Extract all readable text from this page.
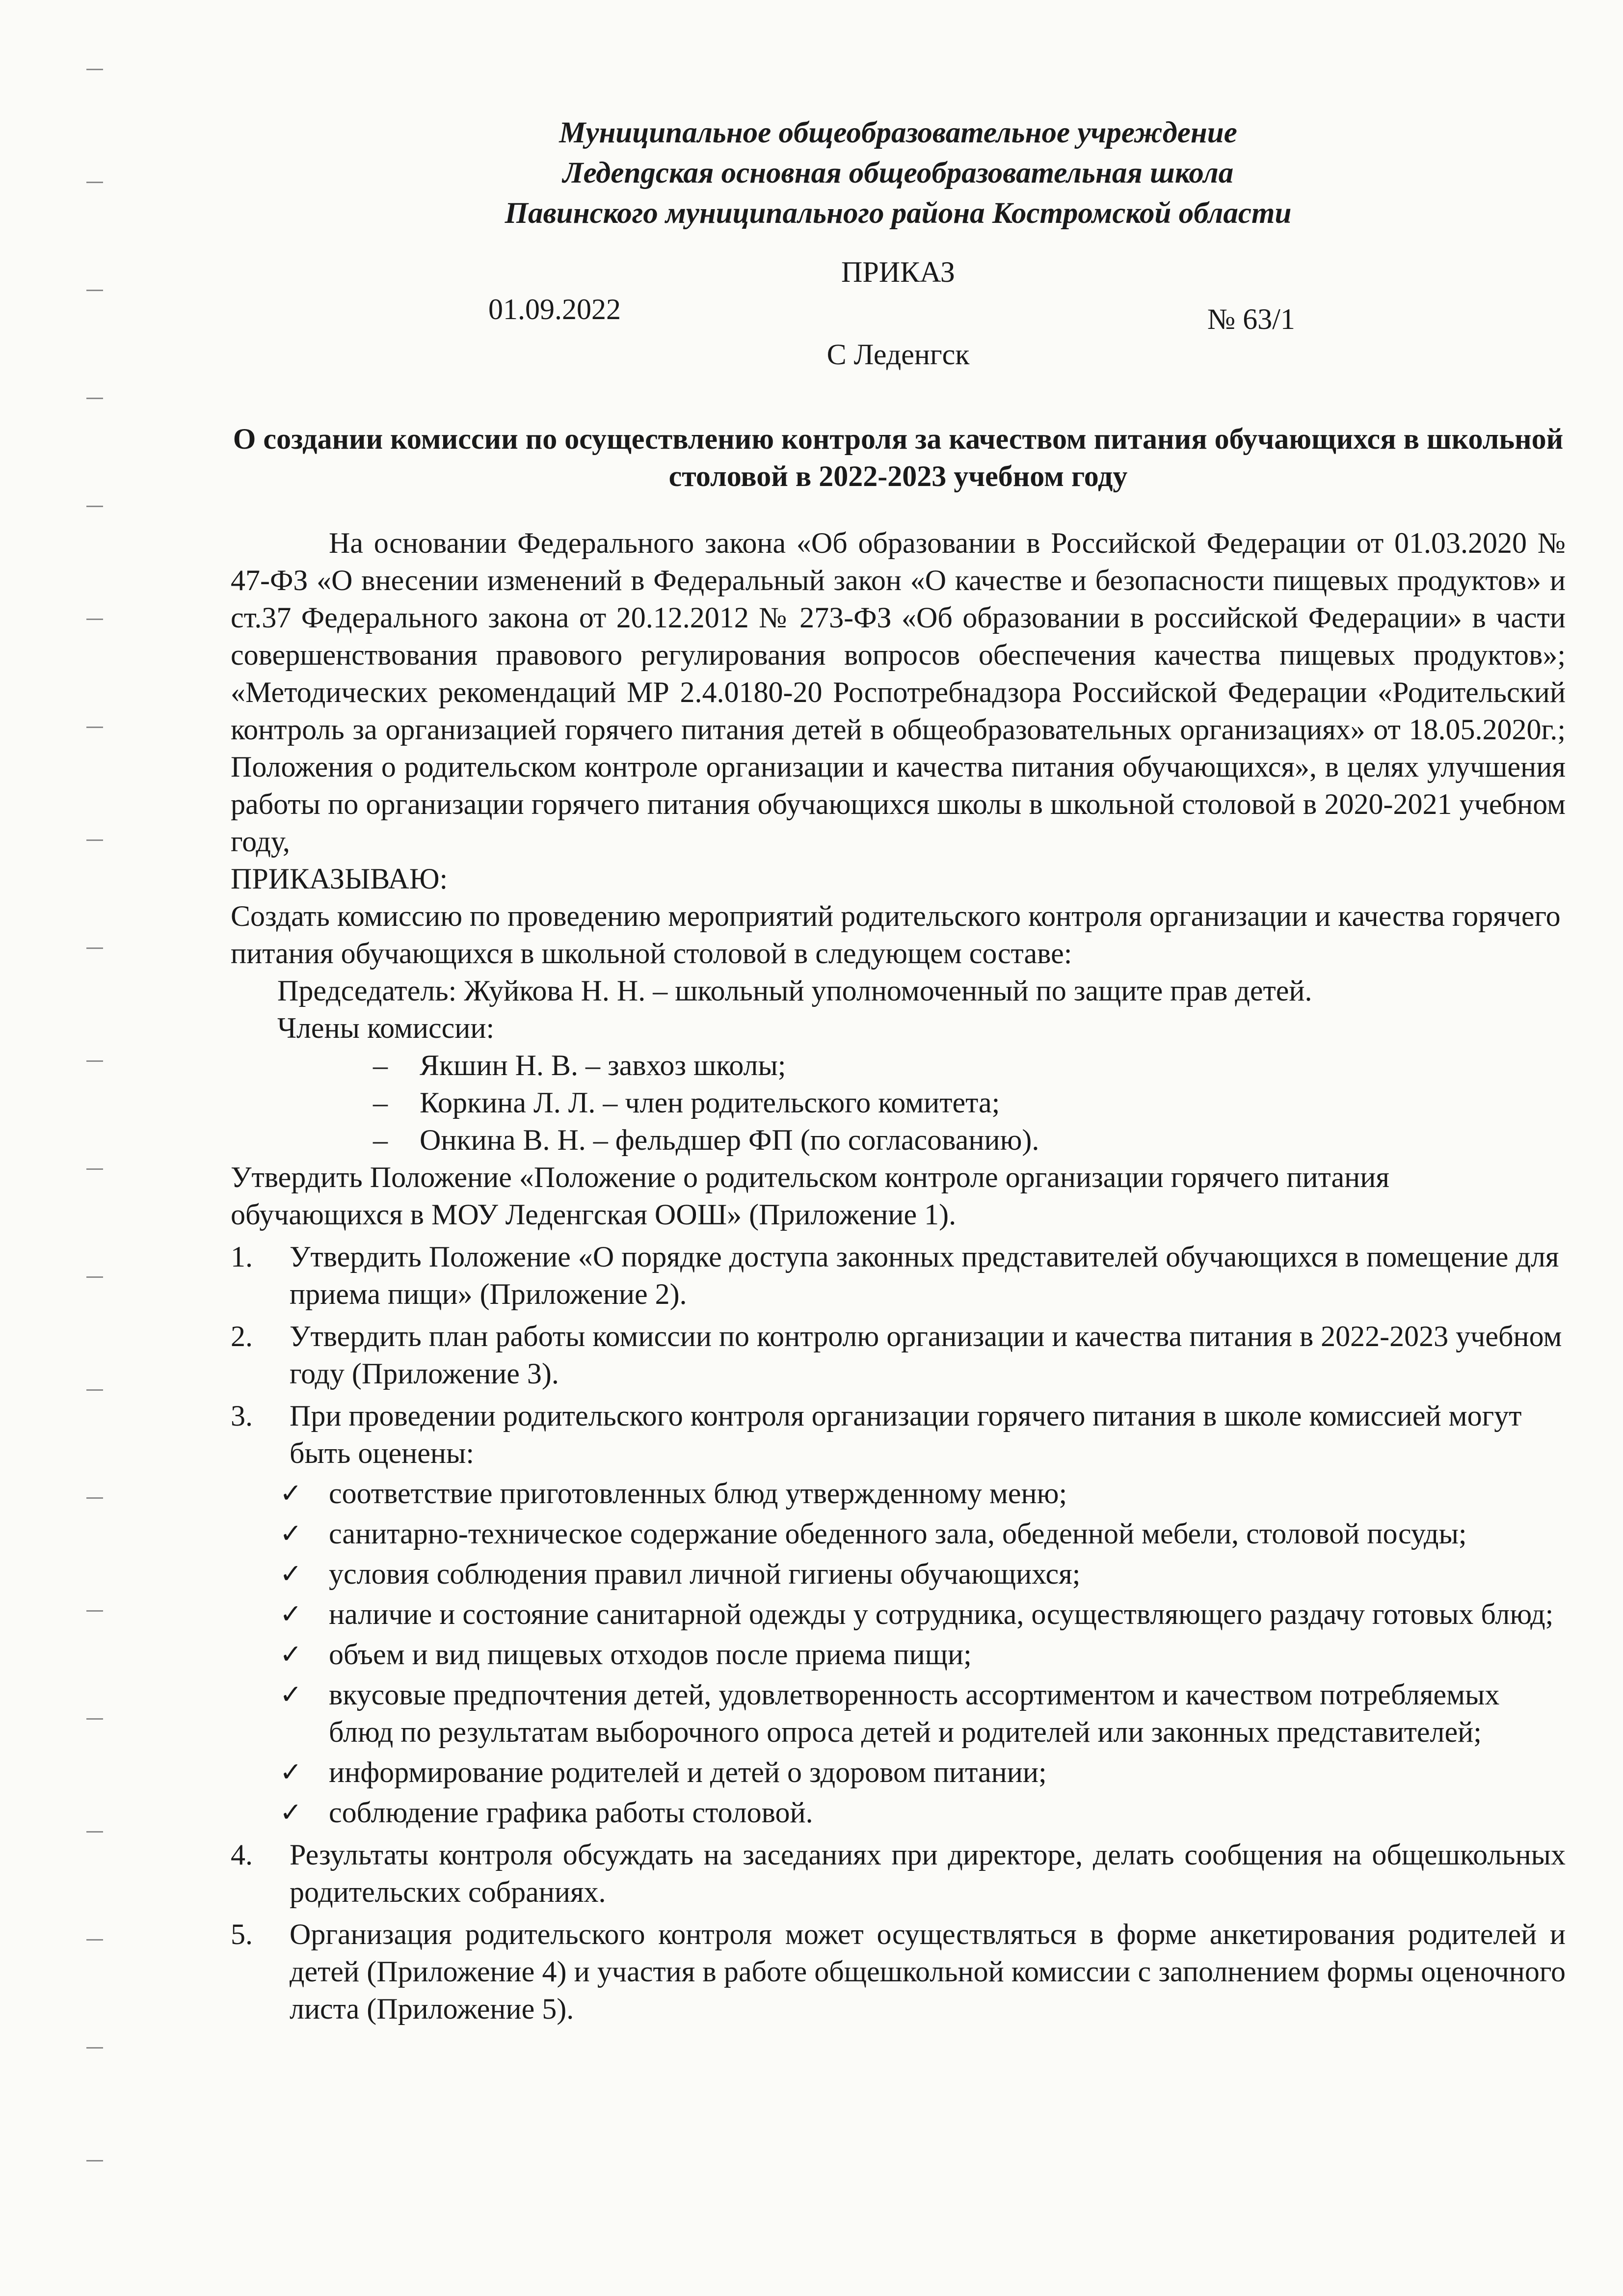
Муниципальное общеобразовательное учреждение
Ледengская основная общеобразовательная школа
Павинского муниципального района Костромской области
ПРИКАЗ
01.09.2022	№ 63/1
С Леденгск
О создании комиссии по осуществлению контроля за качеством питания обучающихся в школьной столовой в 2022-2023 учебном году

На основании Федерального закона «Об образовании в Российской Федерации от 01.03.2020 № 47-ФЗ «О внесении изменений в Федеральный закон «О качестве и безопасности пищевых продуктов» и ст.37 Федерального закона от 20.12.2012 № 273-ФЗ «Об образовании в российской Федерации» в части совершенствования правового регулирования вопросов обеспечения качества пищевых продуктов»; «Методических рекомендаций МР 2.4.0180-20 Роспотребнадзора Российской Федерации «Родительский контроль за организацией горячего питания детей в общеобразовательных организациях» от 18.05.2020г.; Положения о родительском контроле организации и качества питания обучающихся», в целях улучшения работы по организации горячего питания обучающихся школы в школьной столовой в 2020-2021 учебном году,

ПРИКАЗЫВАЮ:

Создать комиссию по проведению мероприятий родительского контроля организации и качества горячего питания обучающихся в школьной столовой в следующем составе:

Председатель: Жуйкова Н. Н. – школьный уполномоченный по защите прав детей.

Члены комиссии:

–	Якшин Н. В. – завхоз школы;
–	Коркина Л. Л. – член родительского комитета;
–	Онкина В. Н. – фельдшер ФП (по согласованию).

Утвердить Положение «Положение о родительском контроле организации горячего питания обучающихся в МОУ Леденгская ООШ» (Приложение 1).

1. Утвердить Положение «О порядке доступа законных представителей обучающихся в помещение для приема пищи» (Приложение 2).
2. Утвердить план работы комиссии по контролю организации и качества питания в 2022-2023 учебном году (Приложение 3).
3. При проведении родительского контроля организации горячего питания в школе комиссией могут быть оценены:
✓ соответствие приготовленных блюд утвержденному меню;
✓ санитарно-техническое содержание обеденного зала, обеденной мебели, столовой посуды;
✓ условия соблюдения правил личной гигиены обучающихся;
✓ наличие и состояние санитарной одежды у сотрудника, осуществляющего раздачу готовых блюд;
✓ объем и вид пищевых отходов после приема пищи;
✓ вкусовые предпочтения детей, удовлетворенность ассортиментом и качеством потребляемых блюд по результатам выборочного опроса детей и родителей или законных представителей;
✓ информирование родителей и детей о здоровом питании;
✓ соблюдение графика работы столовой.
4. Результаты контроля обсуждать на заседаниях при директоре, делать сообщения на общешкольных родительских собраниях.
5. Организация родительского контроля может осуществляться в форме анкетирования родителей и детей (Приложение 4) и участия в работе общешкольной комиссии с заполнением формы оценочного листа (Приложение 5).
